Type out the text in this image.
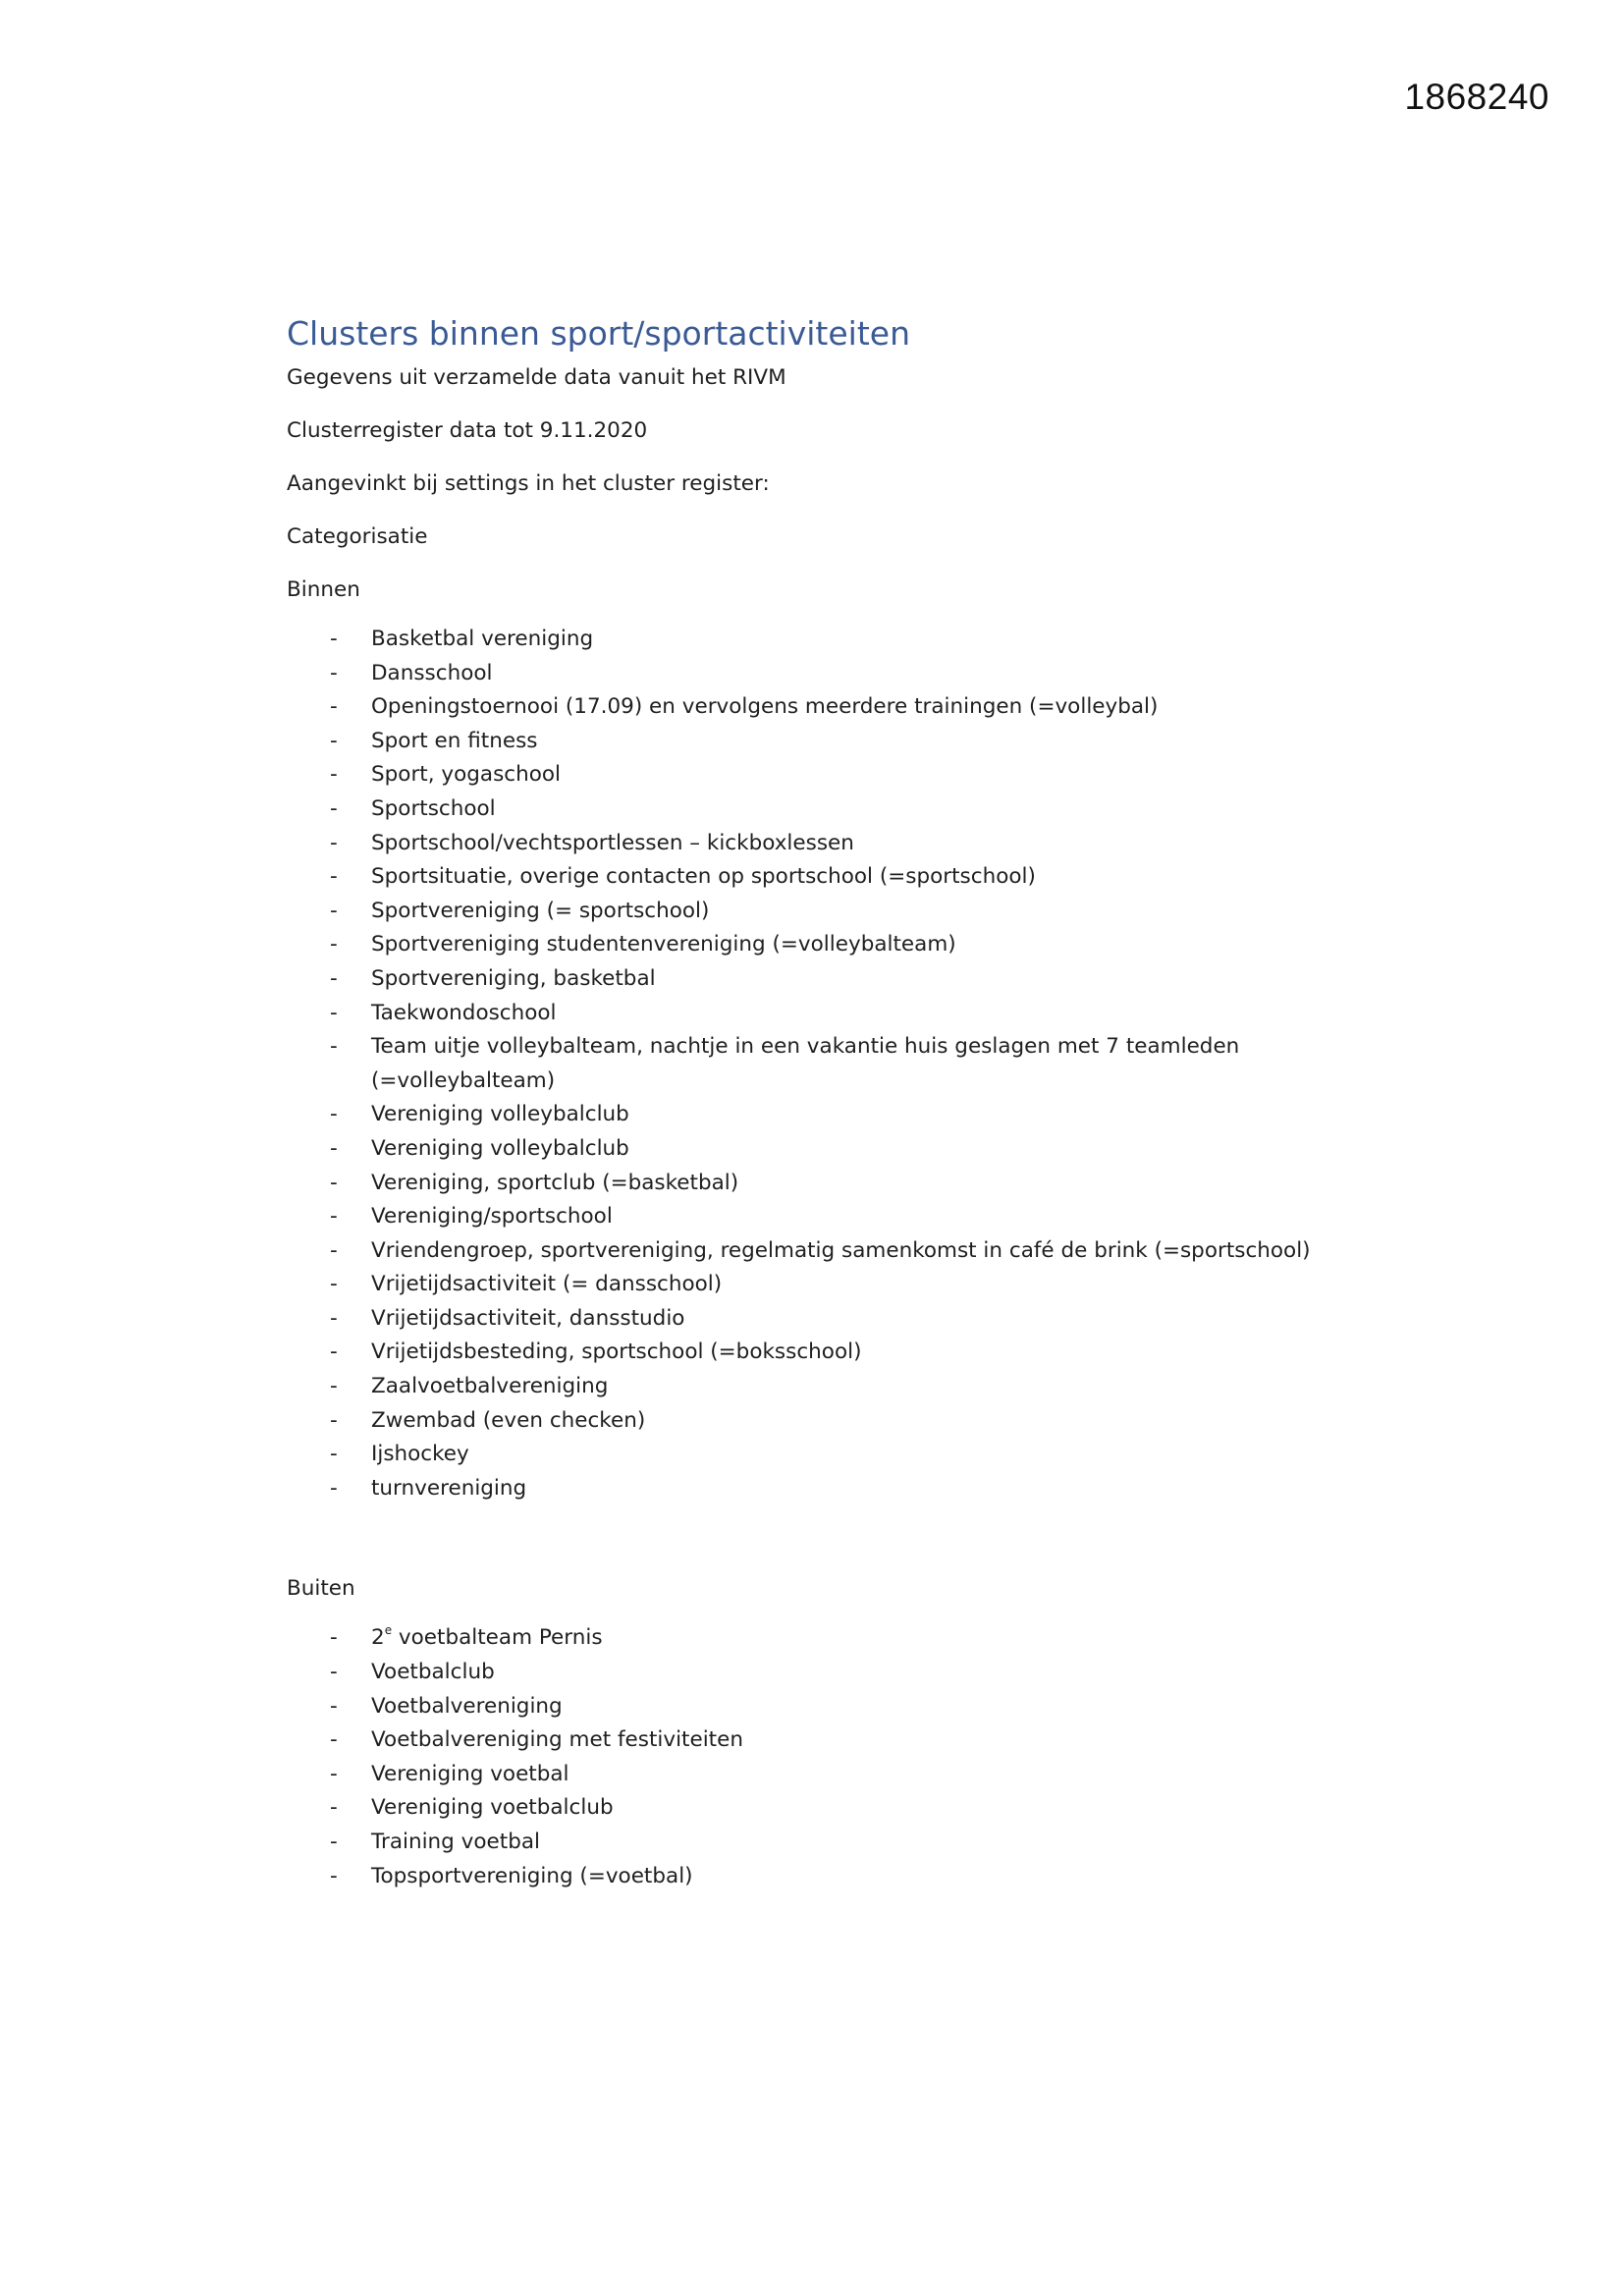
1868240
Clusters binnen sport/sportactiviteiten

Gegevens uit verzamelde data vanuit het RIVM

Clusterregister data tot 9.11.2020

Aangevinkt bij settings in het cluster register:

Categorisatie

Binnen

- Basketbal vereniging
- Dansschool
- Openingstoernooi (17.09) en vervolgens meerdere trainingen (=volleybal)
- Sport en fitness
- Sport, yogaschool
- Sportschool
- Sportschool/vechtsportlessen – kickboxlessen
- Sportsituatie, overige contacten op sportschool (=sportschool)
- Sportvereniging (= sportschool)
- Sportvereniging studentenvereniging (=volleybalteam)
- Sportvereniging, basketbal
- Taekwondoschool
- Team uitje volleybalteam, nachtje in een vakantie huis geslagen met 7 teamleden
(=volleybalteam)
- Vereniging volleybalclub
- Vereniging volleybalclub
- Vereniging, sportclub (=basketbal)
- Vereniging/sportschool
- Vriendengroep, sportvereniging, regelmatig samenkomst in café de brink (=sportschool)
- Vrijetijdsactiviteit (= dansschool)
- Vrijetijdsactiviteit, dansstudio
- Vrijetijdsbesteding, sportschool (=boksschool)
- Zaalvoetbalvereniging
- Zwembad (even checken)
- Ijshockey
- turnvereniging

Buiten

- 2e voetbalteam Pernis
- Voetbalclub
- Voetbalvereniging
- Voetbalvereniging met festiviteiten
- Vereniging voetbal
- Vereniging voetbalclub
- Training voetbal
- Topsportvereniging (=voetbal)
